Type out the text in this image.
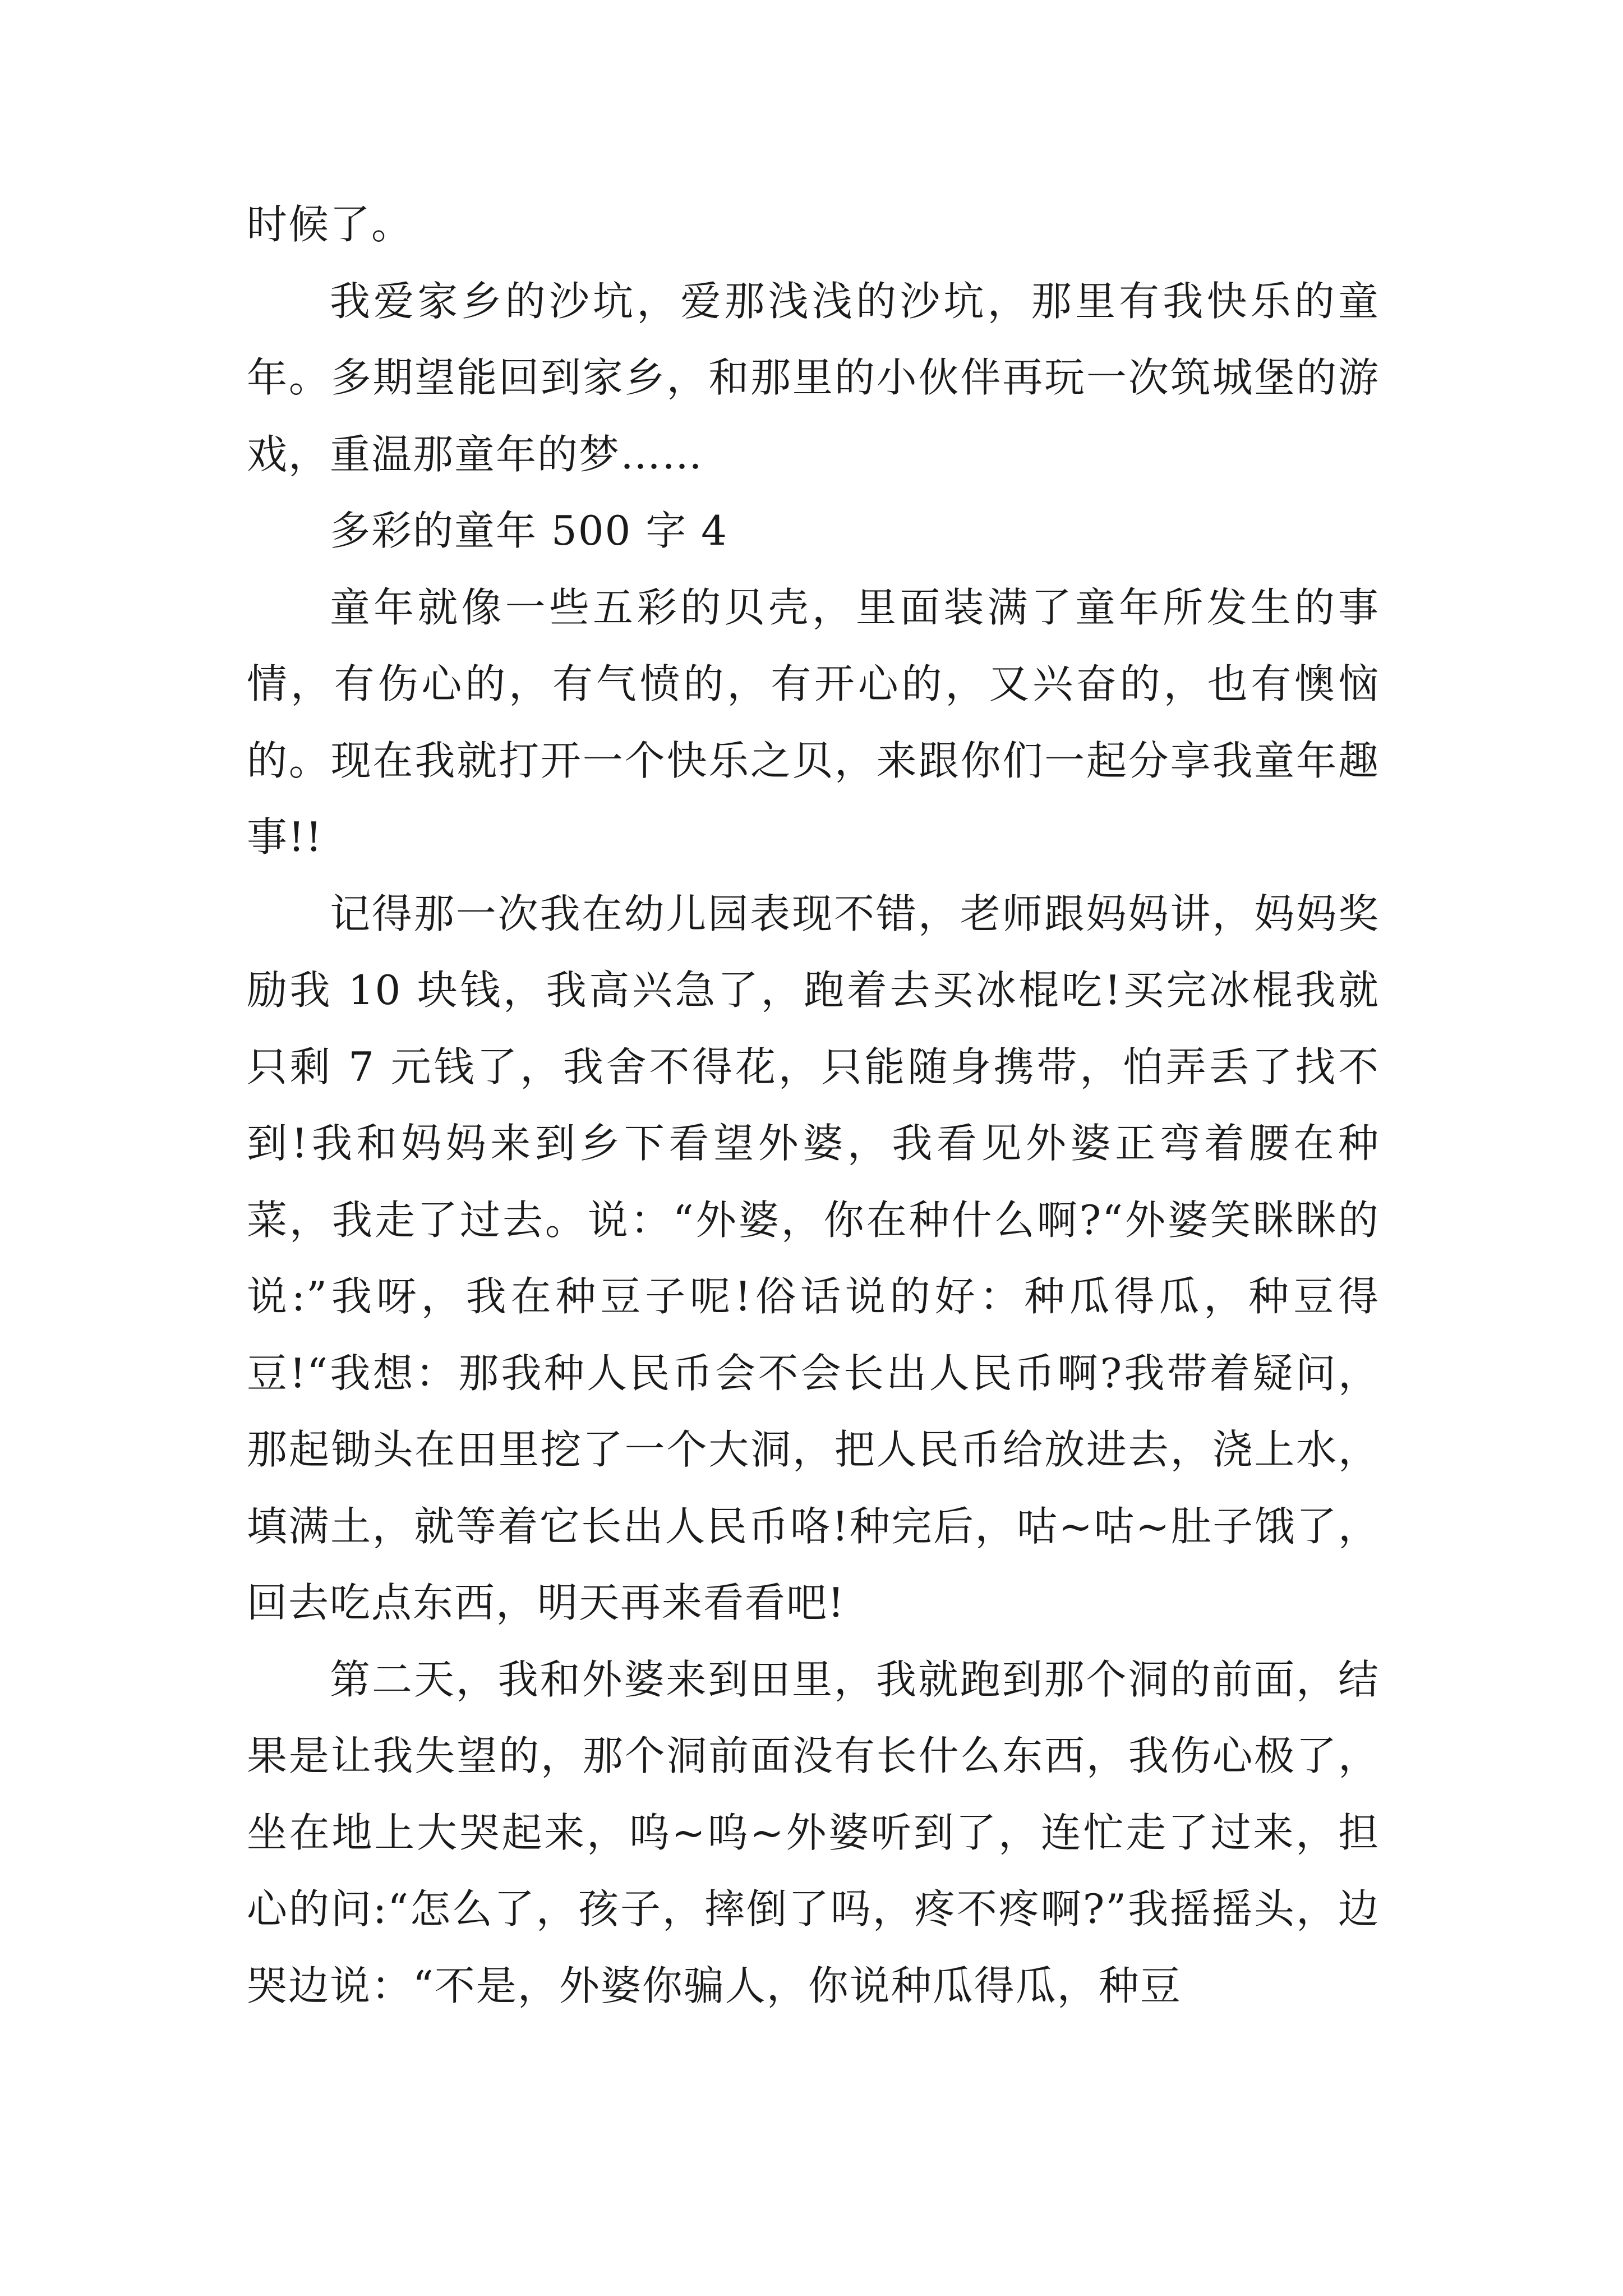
时候了。

我爱家乡的沙坑，爱那浅浅的沙坑，那里有我快乐的童年。多期望能回到家乡，和那里的小伙伴再玩一次筑城堡的游戏，重温那童年的梦……

多彩的童年 500 字 4

童年就像一些五彩的贝壳，里面装满了童年所发生的事情，有伤心的，有气愤的，有开心的，又兴奋的，也有懊恼的。现在我就打开一个快乐之贝，来跟你们一起分享我童年趣事!!

记得那一次我在幼儿园表现不错，老师跟妈妈讲，妈妈奖励我 10 块钱，我高兴急了，跑着去买冰棍吃!买完冰棍我就只剩 7 元钱了，我舍不得花，只能随身携带，怕弄丢了找不到!我和妈妈来到乡下看望外婆，我看见外婆正弯着腰在种菜，我走了过去。说：“外婆，你在种什么啊?“外婆笑眯眯的说:”我呀，我在种豆子呢!俗话说的好：种瓜得瓜，种豆得豆!“我想：那我种人民币会不会长出人民币啊?我带着疑问，那起锄头在田里挖了一个大洞，把人民币给放进去，浇上水，填满土，就等着它长出人民币咯!种完后，咕~咕~肚子饿了，回去吃点东西，明天再来看看吧!

第二天，我和外婆来到田里，我就跑到那个洞的前面，结果是让我失望的，那个洞前面没有长什么东西，我伤心极了，坐在地上大哭起来，呜~呜~外婆听到了，连忙走了过来，担心的问:“怎么了，孩子，摔倒了吗，疼不疼啊?”我摇摇头，边哭边说：“不是，外婆你骗人，你说种瓜得瓜，种豆
